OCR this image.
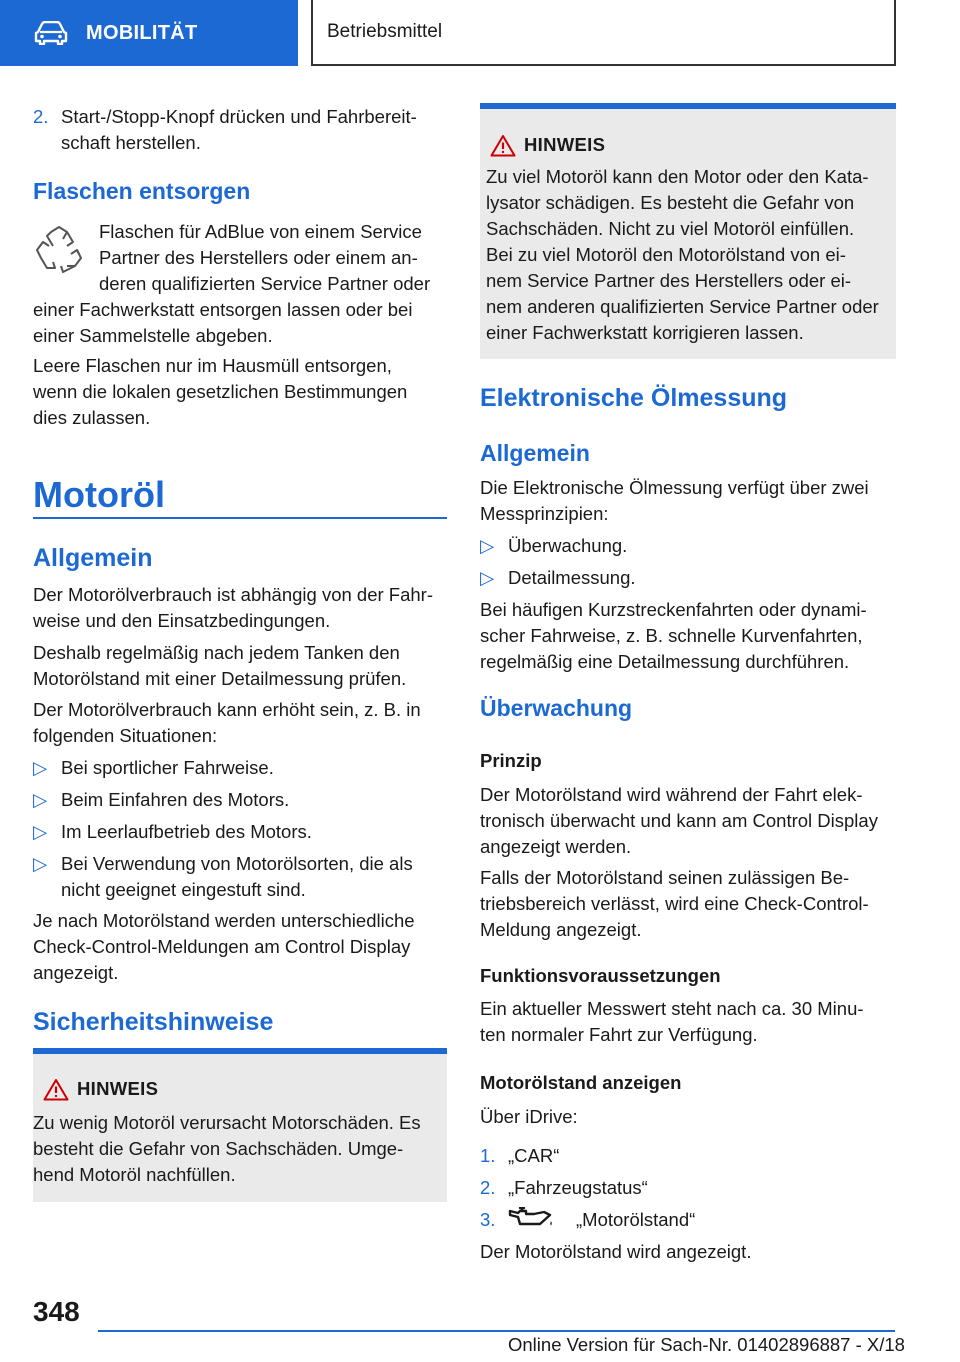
MOBILITÄT	Betriebsmittel
2. Start-/Stopp-Knopf drücken und Fahrbereit-
schaft herstellen.
Flaschen entsorgen

Flaschen für AdBlue von einem Service

Partner des Herstellers oder einem an-

deren qualifizierten Service Partner oder

einer Fachwerkstatt entsorgen lassen oder bei

einer Sammelstelle abgeben.

Leere Flaschen nur im Hausmüll entsorgen,

wenn die lokalen gesetzlichen Bestimmungen

dies zulassen.

Motoröl
Allgemein

Der Motorölverbrauch ist abhängig von der Fahr-

weise und den Einsatzbedingungen.

Deshalb regelmäßig nach jedem Tanken den

Motorölstand mit einer Detailmessung prüfen.

Der Motorölverbrauch kann erhöht sein, z. B. in

folgenden Situationen:

▷ Bei sportlicher Fahrweise.
▷ Beim Einfahren des Motors.
▷ Im Leerlaufbetrieb des Motors.
▷ Bei Verwendung von Motorölsorten, die als
nicht geeignet eingestuft sind.

Je nach Motorölstand werden unterschiedliche

Check-Control-Meldungen am Control Display

angezeigt.

Sicherheitshinweise
HINWEIS

Zu wenig Motoröl verursacht Motorschäden. Es

besteht die Gefahr von Sachschäden. Umge-

hend Motoröl nachfüllen.

HINWEIS

Zu viel Motoröl kann den Motor oder den Kata-

lysator schädigen. Es besteht die Gefahr von

Sachschäden. Nicht zu viel Motoröl einfüllen.

Bei zu viel Motoröl den Motorölstand von ei-

nem Service Partner des Herstellers oder ei-

nem anderen qualifizierten Service Partner oder

einer Fachwerkstatt korrigieren lassen.

Elektronische Ölmessung
Allgemein

Die Elektronische Ölmessung verfügt über zwei

Messprinzipien:

▷ Überwachung.
▷ Detailmessung.

Bei häufigen Kurzstreckenfahrten oder dynami-

scher Fahrweise, z. B. schnelle Kurvenfahrten,

regelmäßig eine Detailmessung durchführen.

Überwachung
Prinzip

Der Motorölstand wird während der Fahrt elek-

tronisch überwacht und kann am Control Display

angezeigt werden.

Falls der Motorölstand seinen zulässigen Be-

triebsbereich verlässt, wird eine Check-Control-

Meldung angezeigt.

Funktionsvoraussetzungen

Ein aktueller Messwert steht nach ca. 30 Minu-

ten normaler Fahrt zur Verfügung.

Motorölstand anzeigen

Über iDrive:

1. „CAR“
2. „Fahrzeugstatus“
3.	„Motorölstand“

Der Motorölstand wird angezeigt.

348
Online Version für Sach-Nr. 01402896887 - X/18
